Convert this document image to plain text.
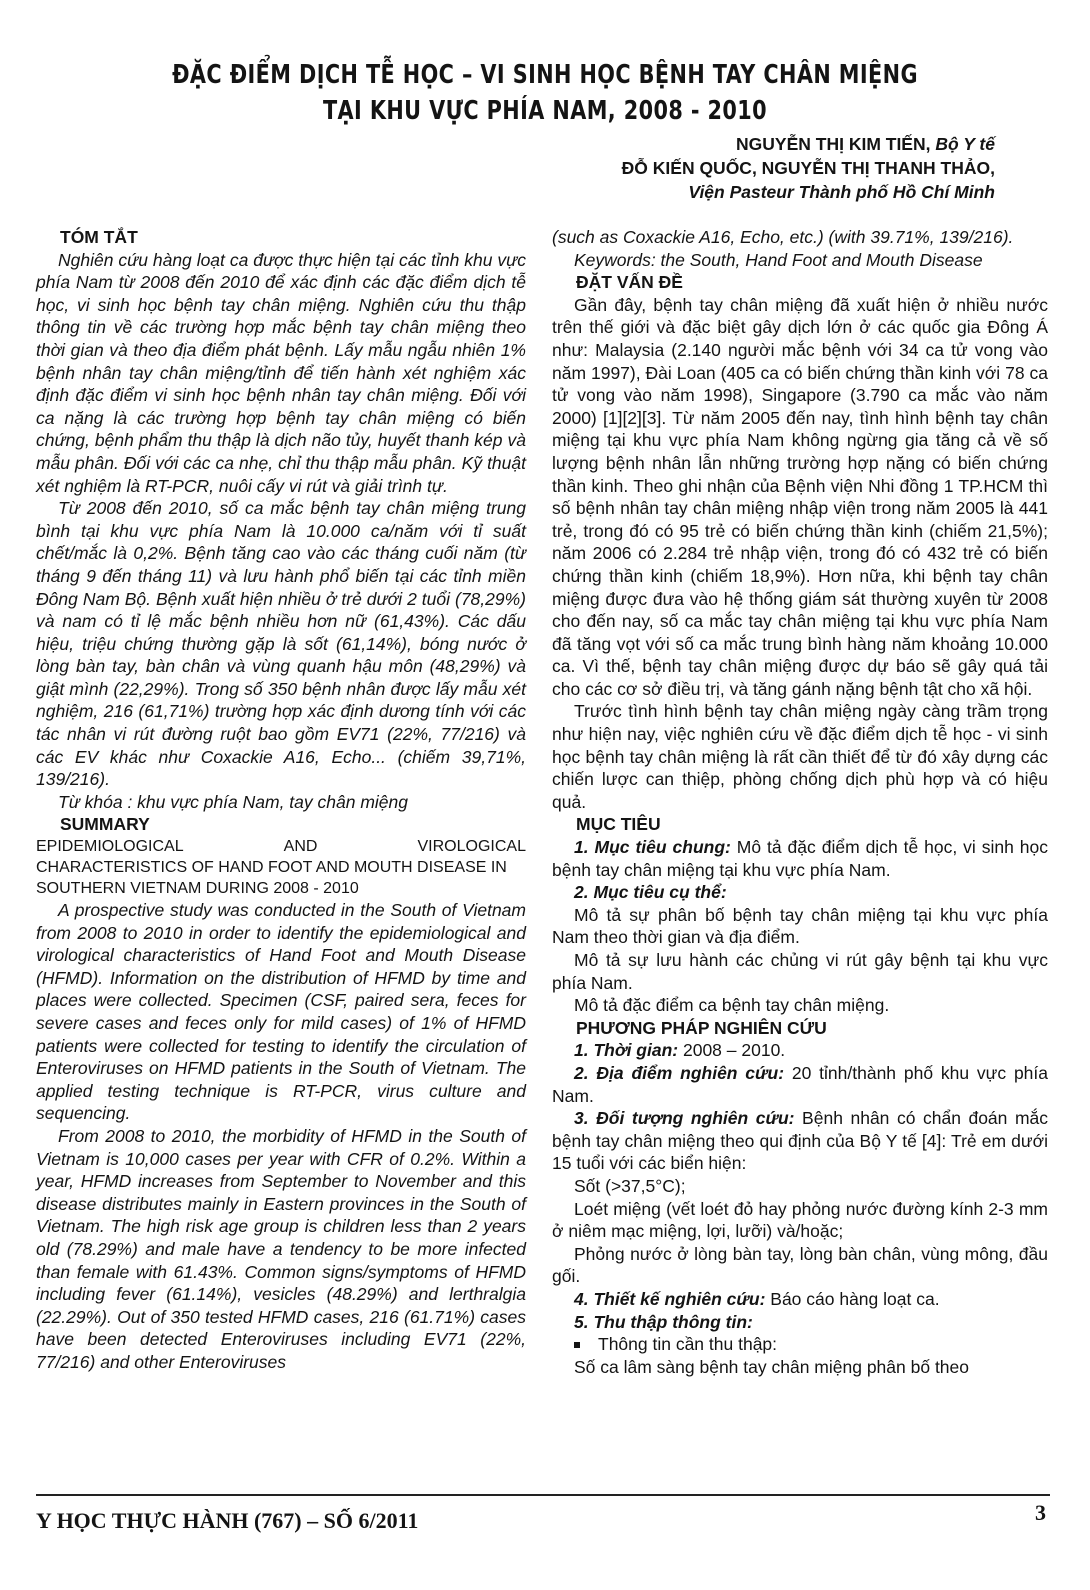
ĐẶC ĐIỂM DỊCH TỄ HỌC – VI SINH HỌC BỆNH TAY CHÂN MIỆNG
TẠI KHU VỰC PHÍA NAM, 2008 - 2010
NGUYỄN THỊ KIM TIẾN, Bộ Y tế
ĐỖ KIẾN QUỐC, NGUYỄN THỊ THANH THẢO,
Viện Pasteur Thành phố Hồ Chí Minh

TÓM TẮT

Nghiên cứu hàng loạt ca được thực hiện tại các tỉnh khu vực phía Nam từ 2008 đến 2010 để xác định các đặc điểm dịch tễ học, vi sinh học bệnh tay chân miệng. Nghiên cứu thu thập thông tin về các trường hợp mắc bệnh tay chân miệng theo thời gian và theo địa điểm phát bệnh. Lấy mẫu ngẫu nhiên 1% bệnh nhân tay chân miệng/tỉnh để tiến hành xét nghiệm xác định đặc điểm vi sinh học bệnh nhân tay chân miệng. Đối với ca nặng là các trường hợp bệnh tay chân miệng có biến chứng, bệnh phẩm thu thập là dịch não tủy, huyết thanh kép và mẫu phân. Đối với các ca nhẹ, chỉ thu thập mẫu phân. Kỹ thuật xét nghiệm là RT-PCR, nuôi cấy vi rút và giải trình tự.

Từ 2008 đến 2010, số ca mắc bệnh tay chân miệng trung bình tại khu vực phía Nam là 10.000 ca/năm với tỉ suất chết/mắc là 0,2%. Bệnh tăng cao vào các tháng cuối năm (từ tháng 9 đến tháng 11) và lưu hành phổ biến tại các tỉnh miền Đông Nam Bộ. Bệnh xuất hiện nhiều ở trẻ dưới 2 tuổi (78,29%) và nam có tỉ lệ mắc bệnh nhiều hơn nữ (61,43%). Các dấu hiệu, triệu chứng thường gặp là sốt (61,14%), bóng nước ở lòng bàn tay, bàn chân và vùng quanh hậu môn (48,29%) và giật mình (22,29%). Trong số 350 bệnh nhân được lấy mẫu xét nghiệm, 216 (61,71%) trường hợp xác định dương tính với các tác nhân vi rút đường ruột bao gồm EV71 (22%, 77/216) và các EV khác như Coxackie A16, Echo... (chiếm 39,71%, 139/216).

Từ khóa : khu vực phía Nam, tay chân miệng

SUMMARY

EPIDEMIOLOGICAL	AND	VIROLOGICAL

CHARACTERISTICS OF HAND FOOT AND MOUTH DISEASE IN SOUTHERN VIETNAM DURING 2008 - 2010

A prospective study was conducted in the South of Vietnam from 2008 to 2010 in order to identify the epidemiological and virological characteristics of Hand Foot and Mouth Disease (HFMD). Information on the distribution of HFMD by time and places were collected. Specimen (CSF, paired sera, feces for severe cases and feces only for mild cases) of 1% of HFMD patients were collected for testing to identify the circulation of Enteroviruses on HFMD patients in the South of Vietnam. The applied testing technique is RT-PCR, virus culture and sequencing.

From 2008 to 2010, the morbidity of HFMD in the South of Vietnam is 10,000 cases per year with CFR of 0.2%. Within a year, HFMD increases from September to November and this disease distributes mainly in Eastern provinces in the South of Vietnam. The high risk age group is children less than 2 years old (78.29%) and male have a tendency to be more infected than female with 61.43%. Common signs/symptoms of HFMD including fever (61.14%), vesicles (48.29%) and lerthralgia (22.29%). Out of 350 tested HFMD cases, 216 (61.71%) cases have been detected Enteroviruses including EV71 (22%, 77/216) and other Enteroviruses

(such as Coxackie A16, Echo, etc.) (with 39.71%, 139/216).

Keywords: the South, Hand Foot and Mouth Disease

ĐẶT VẤN ĐỀ

Gần đây, bệnh tay chân miệng đã xuất hiện ở nhiều nước trên thế giới và đặc biệt gây dịch lớn ở các quốc gia Đông Á như: Malaysia (2.140 người mắc bệnh với 34 ca tử vong vào năm 1997), Đài Loan (405 ca có biến chứng thần kinh với 78 ca tử vong vào năm 1998), Singapore (3.790 ca mắc vào năm 2000) [1][2][3]. Từ năm 2005 đến nay, tình hình bệnh tay chân miệng tại khu vực phía Nam không ngừng gia tăng cả về số lượng bệnh nhân lẫn những trường hợp nặng có biến chứng thần kinh. Theo ghi nhận của Bệnh viện Nhi đồng 1 TP.HCM thì số bệnh nhân tay chân miệng nhập viện trong năm 2005 là 441 trẻ, trong đó có 95 trẻ có biến chứng thần kinh (chiếm 21,5%); năm 2006 có 2.284 trẻ nhập viện, trong đó có 432 trẻ có biến chứng thần kinh (chiếm 18,9%). Hơn nữa, khi bệnh tay chân miệng được đưa vào hệ thống giám sát thường xuyên từ 2008 cho đến nay, số ca mắc tay chân miệng tại khu vực phía Nam đã tăng vọt với số ca mắc trung bình hàng năm khoảng 10.000 ca. Vì thế, bệnh tay chân miệng được dự báo sẽ gây quá tải cho các cơ sở điều trị, và tăng gánh nặng bệnh tật cho xã hội.

Trước tình hình bệnh tay chân miệng ngày càng trầm trọng như hiện nay, việc nghiên cứu về đặc điểm dịch tễ học - vi sinh học bệnh tay chân miệng là rất cần thiết để từ đó xây dựng các chiến lược can thiệp, phòng chống dịch phù hợp và có hiệu quả.

MỤC TIÊU

1. Mục tiêu chung: Mô tả đặc điểm dịch tễ học, vi sinh học bệnh tay chân miệng tại khu vực phía Nam.

2. Mục tiêu cụ thể:

Mô tả sự phân bố bệnh tay chân miệng tại khu vực phía Nam theo thời gian và địa điểm.

Mô tả sự lưu hành các chủng vi rút gây bệnh tại khu vực phía Nam.

Mô tả đặc điểm ca bệnh tay chân miệng.

PHƯƠNG PHÁP NGHIÊN CỨU

1. Thời gian: 2008 – 2010.

2. Địa điểm nghiên cứu: 20 tỉnh/thành phố khu vực phía Nam.

3. Đối tượng nghiên cứu: Bệnh nhân có chẩn đoán mắc bệnh tay chân miệng theo qui định của Bộ Y tế [4]: Trẻ em dưới 15 tuổi với các biển hiện:

Sốt (>37,5°C);

Loét miệng (vết loét đỏ hay phỏng nước đường kính 2-3 mm ở niêm mạc miệng, lợi, lưỡi) và/hoặc;

Phỏng nước ở lòng bàn tay, lòng bàn chân, vùng mông, đầu gối.

4. Thiết kế nghiên cứu: Báo cáo hàng loạt ca.

5. Thu thập thông tin:

Thông tin cần thu thập:

Số ca lâm sàng bệnh tay chân miệng phân bố theo

Y HỌC THỰC HÀNH (767) – SỐ 6/2011	3
